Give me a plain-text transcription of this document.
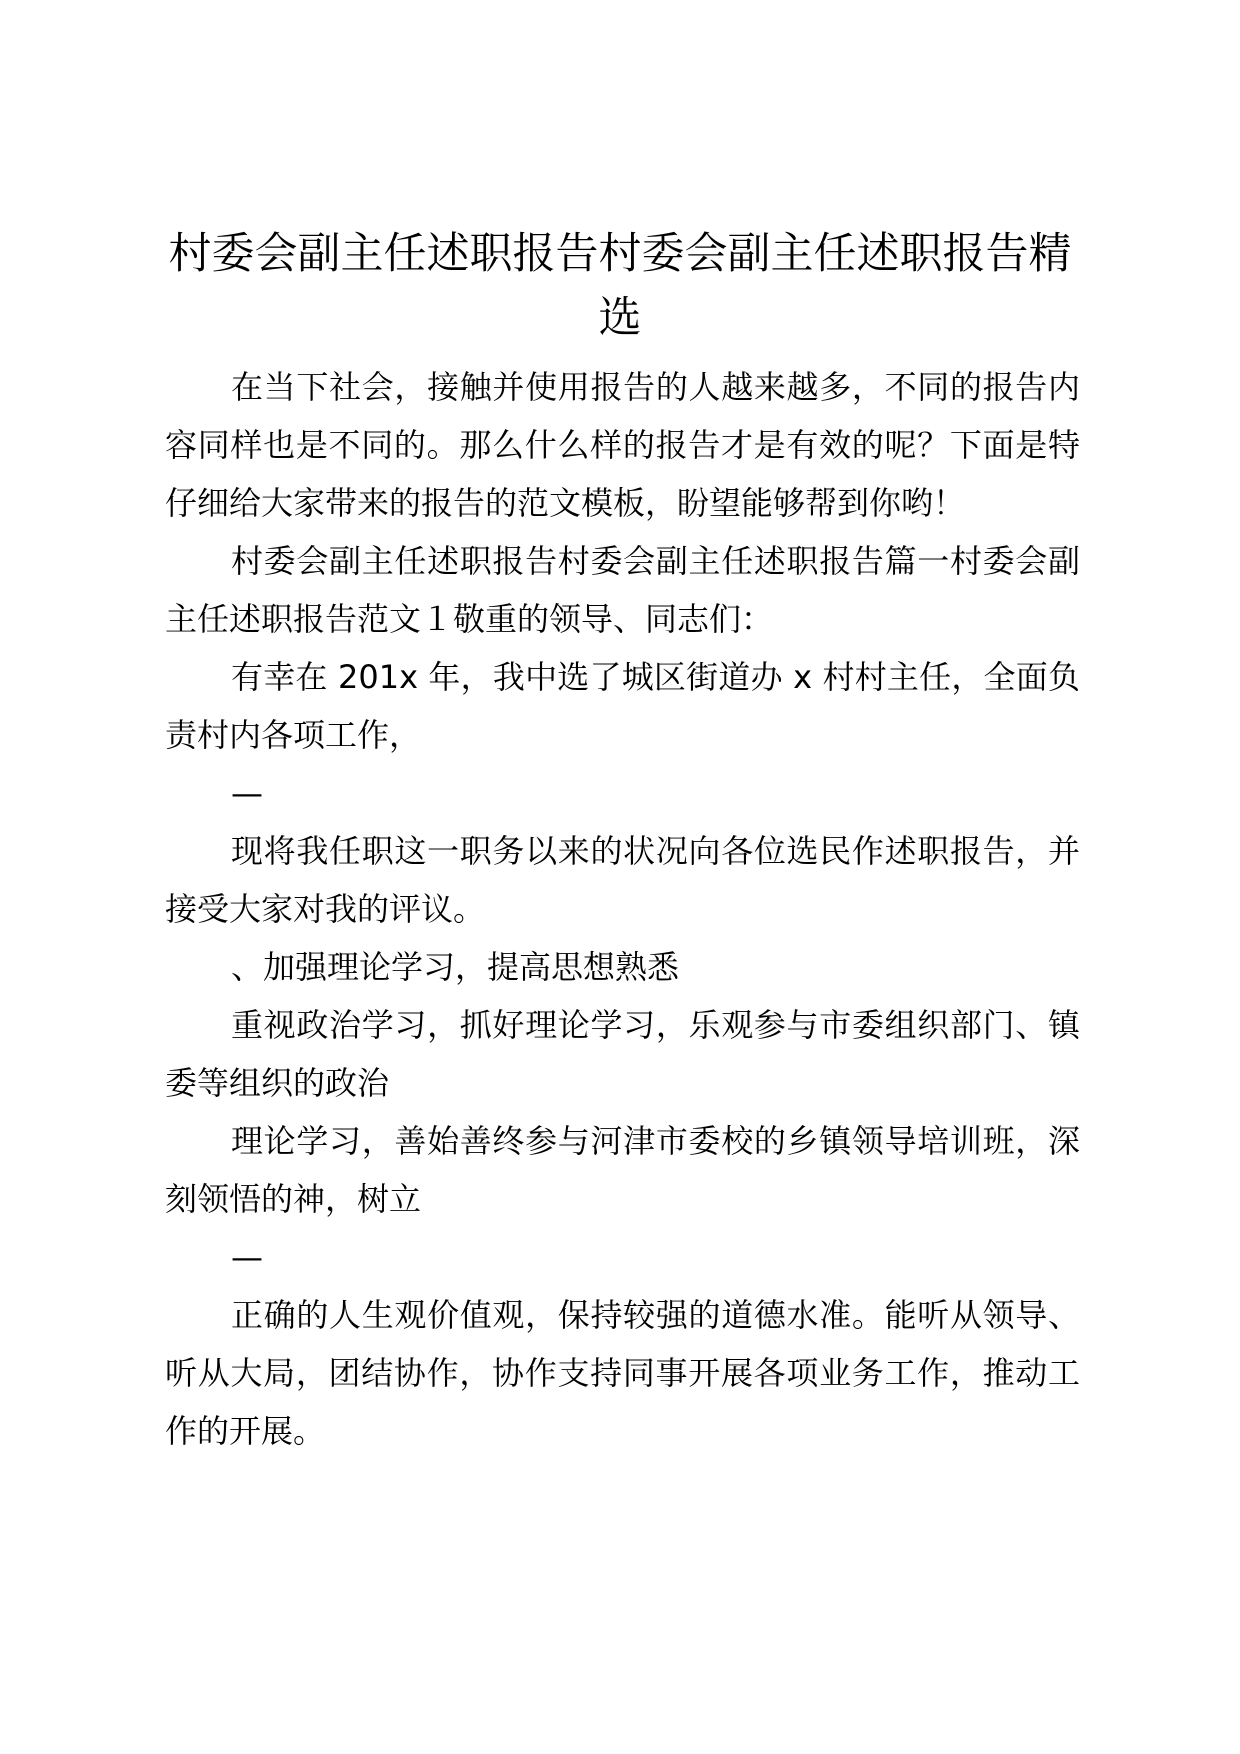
村委会副主任述职报告村委会副主任述职报告精选

在当下社会，接触并使用报告的人越来越多，不同的报告内容同样也是不同的。那么什么样的报告才是有效的呢？下面是特仔细给大家带来的报告的范文模板，盼望能够帮到你哟！

村委会副主任述职报告村委会副主任述职报告篇一村委会副主任述职报告范文１敬重的领导、同志们：

有幸在 201x 年，我中选了城区街道办 x 村村主任，全面负责村内各项工作，

—

现将我任职这一职务以来的状况向各位选民作述职报告，并接受大家对我的评议。

、加强理论学习，提高思想熟悉

重视政治学习，抓好理论学习，乐观参与市委组织部门、镇委等组织的政治

理论学习，善始善终参与河津市委校的乡镇领导培训班，深刻领悟的神，树立

—

正确的人生观价值观，保持较强的道德水准。能听从领导、听从大局，团结协作，协作支持同事开展各项业务工作，推动工作的开展。
